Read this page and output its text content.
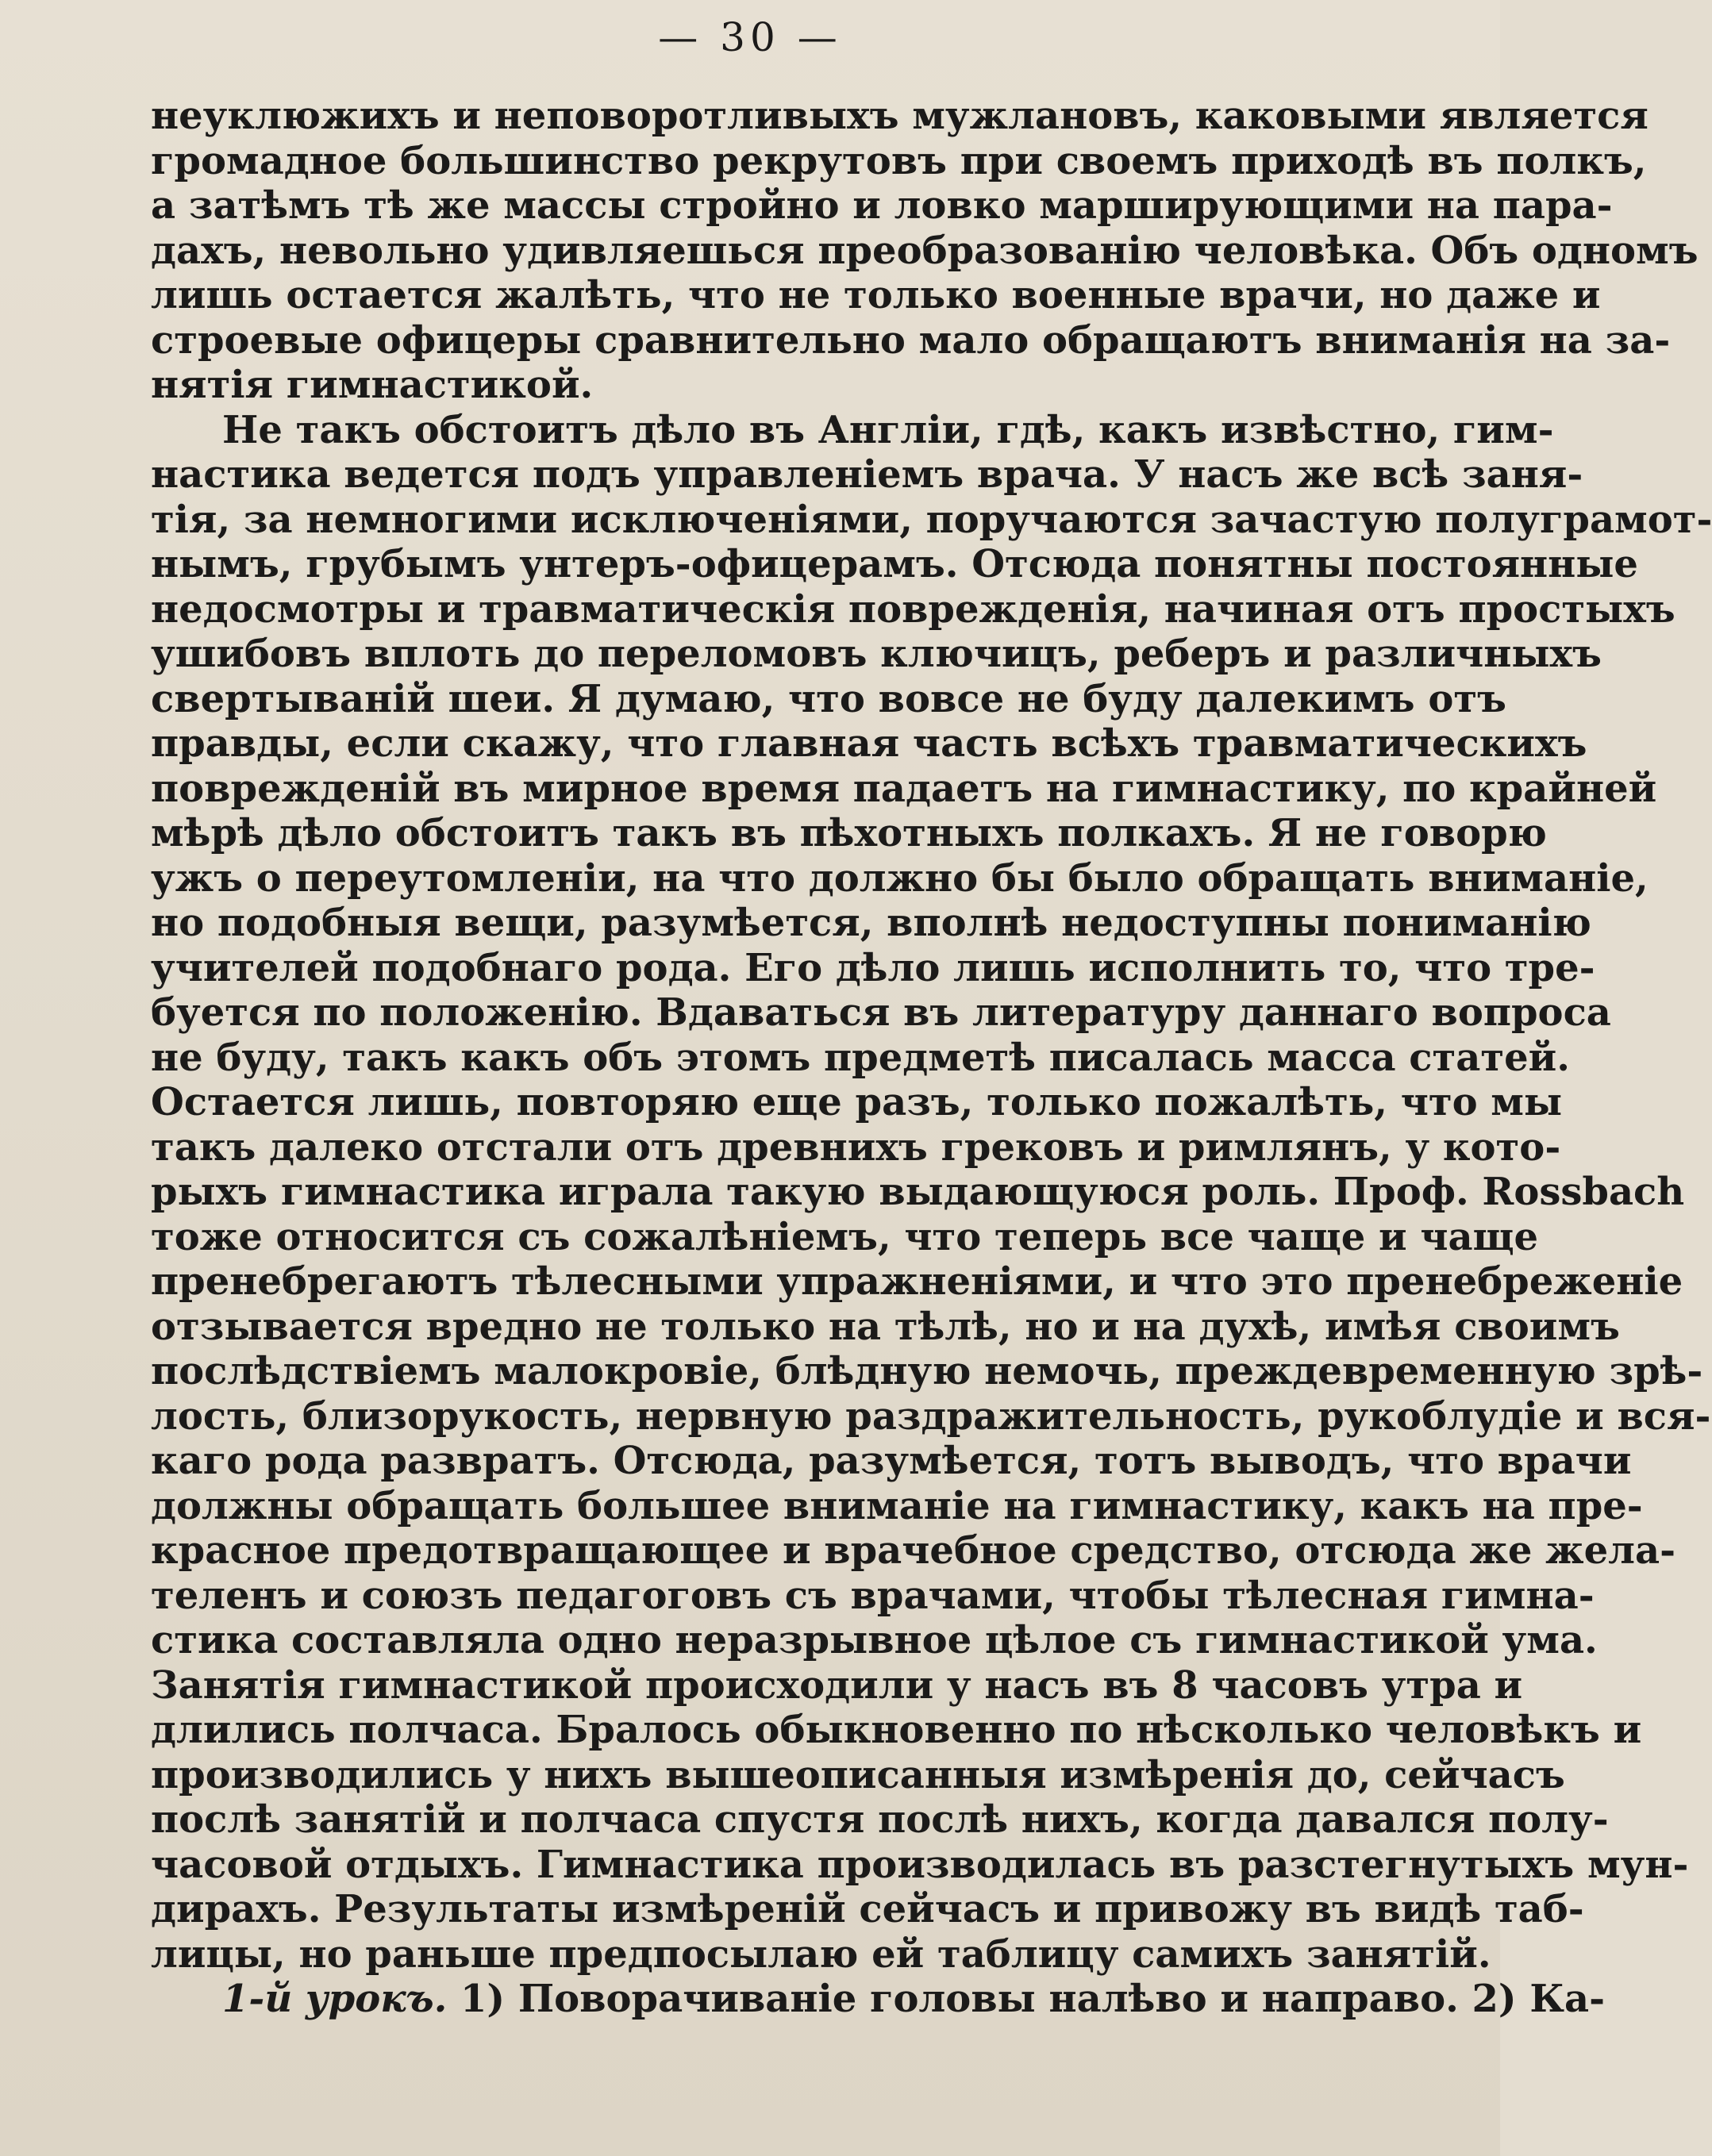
— 30 —
неуклюжихъ и неповоротливыхъ мужлановъ, каковыми является
громадное большинство рекрутовъ при своемъ приходѣ въ полкъ,
а затѣмъ тѣ же массы стройно и ловко марширующими на пара-
дахъ, невольно удивляешься преобразованію человѣка. Объ одномъ
лишь остается жалѣть, что не только военные врачи, но даже и
строевые офицеры сравнительно мало обращаютъ вниманія на за-
нятія гимнастикой.
Не такъ обстоитъ дѣло въ Англіи, гдѣ, какъ извѣстно, гим-
настика ведется подъ управленіемъ врача. У насъ же всѣ заня-
тія, за немногими исключеніями, поручаются зачастую полуграмот-
нымъ, грубымъ унтеръ-офицерамъ. Отсюда понятны постоянные
недосмотры и травматическія поврежденія, начиная отъ простыхъ
ушибовъ вплоть до переломовъ ключицъ, реберъ и различныхъ
свертываній шеи. Я думаю, что вовсе не буду далекимъ отъ
правды, если скажу, что главная часть всѣхъ травматическихъ
поврежденій въ мирное время падаетъ на гимнастику, по крайней
мѣрѣ дѣло обстоитъ такъ въ пѣхотныхъ полкахъ. Я не говорю
ужъ о переутомленіи, на что должно бы было обращать вниманіе,
но подобныя вещи, разумѣется, вполнѣ недоступны пониманію
учителей подобнаго рода. Его дѣло лишь исполнить то, что тре-
буется по положенію. Вдаваться въ литературу даннаго вопроса
не буду, такъ какъ объ этомъ предметѣ писалась масса статей.
Остается лишь, повторяю еще разъ, только пожалѣть, что мы
такъ далеко отстали отъ древнихъ грековъ и римлянъ, у кото-
рыхъ гимнастика играла такую выдающуюся роль. Проф. Rossbach
тоже относится съ сожалѣніемъ, что теперь все чаще и чаще
пренебрегаютъ тѣлесными упражненіями, и что это пренебреженіе
отзывается вредно не только на тѣлѣ, но и на духѣ, имѣя своимъ
послѣдствіемъ малокровіе, блѣдную немочь, преждевременную зрѣ-
лость, близорукость, нервную раздражительность, рукоблудіе и вся-
каго рода развратъ. Отсюда, разумѣется, тотъ выводъ, что врачи
должны обращать большее вниманіе на гимнастику, какъ на пре-
красное предотвращающее и врачебное средство, отсюда же жела-
теленъ и союзъ педагоговъ съ врачами, чтобы тѣлесная гимна-
стика составляла одно неразрывное цѣлое съ гимнастикой ума.
Занятія гимнастикой происходили у насъ въ 8 часовъ утра и
длились полчаса. Бралось обыкновенно по нѣсколько человѣкъ и
производились у нихъ вышеописанныя измѣренія до, сейчасъ
послѣ занятій и полчаса спустя послѣ нихъ, когда давался полу-
часовой отдыхъ. Гимнастика производилась въ разстегнутыхъ мун-
дирахъ. Результаты измѣреній сейчасъ и привожу въ видѣ таб-
лицы, но раньше предпосылаю ей таблицу самихъ занятій.
1-й урокъ. 1) Поворачиваніе головы налѣво и направо. 2) Ка-
